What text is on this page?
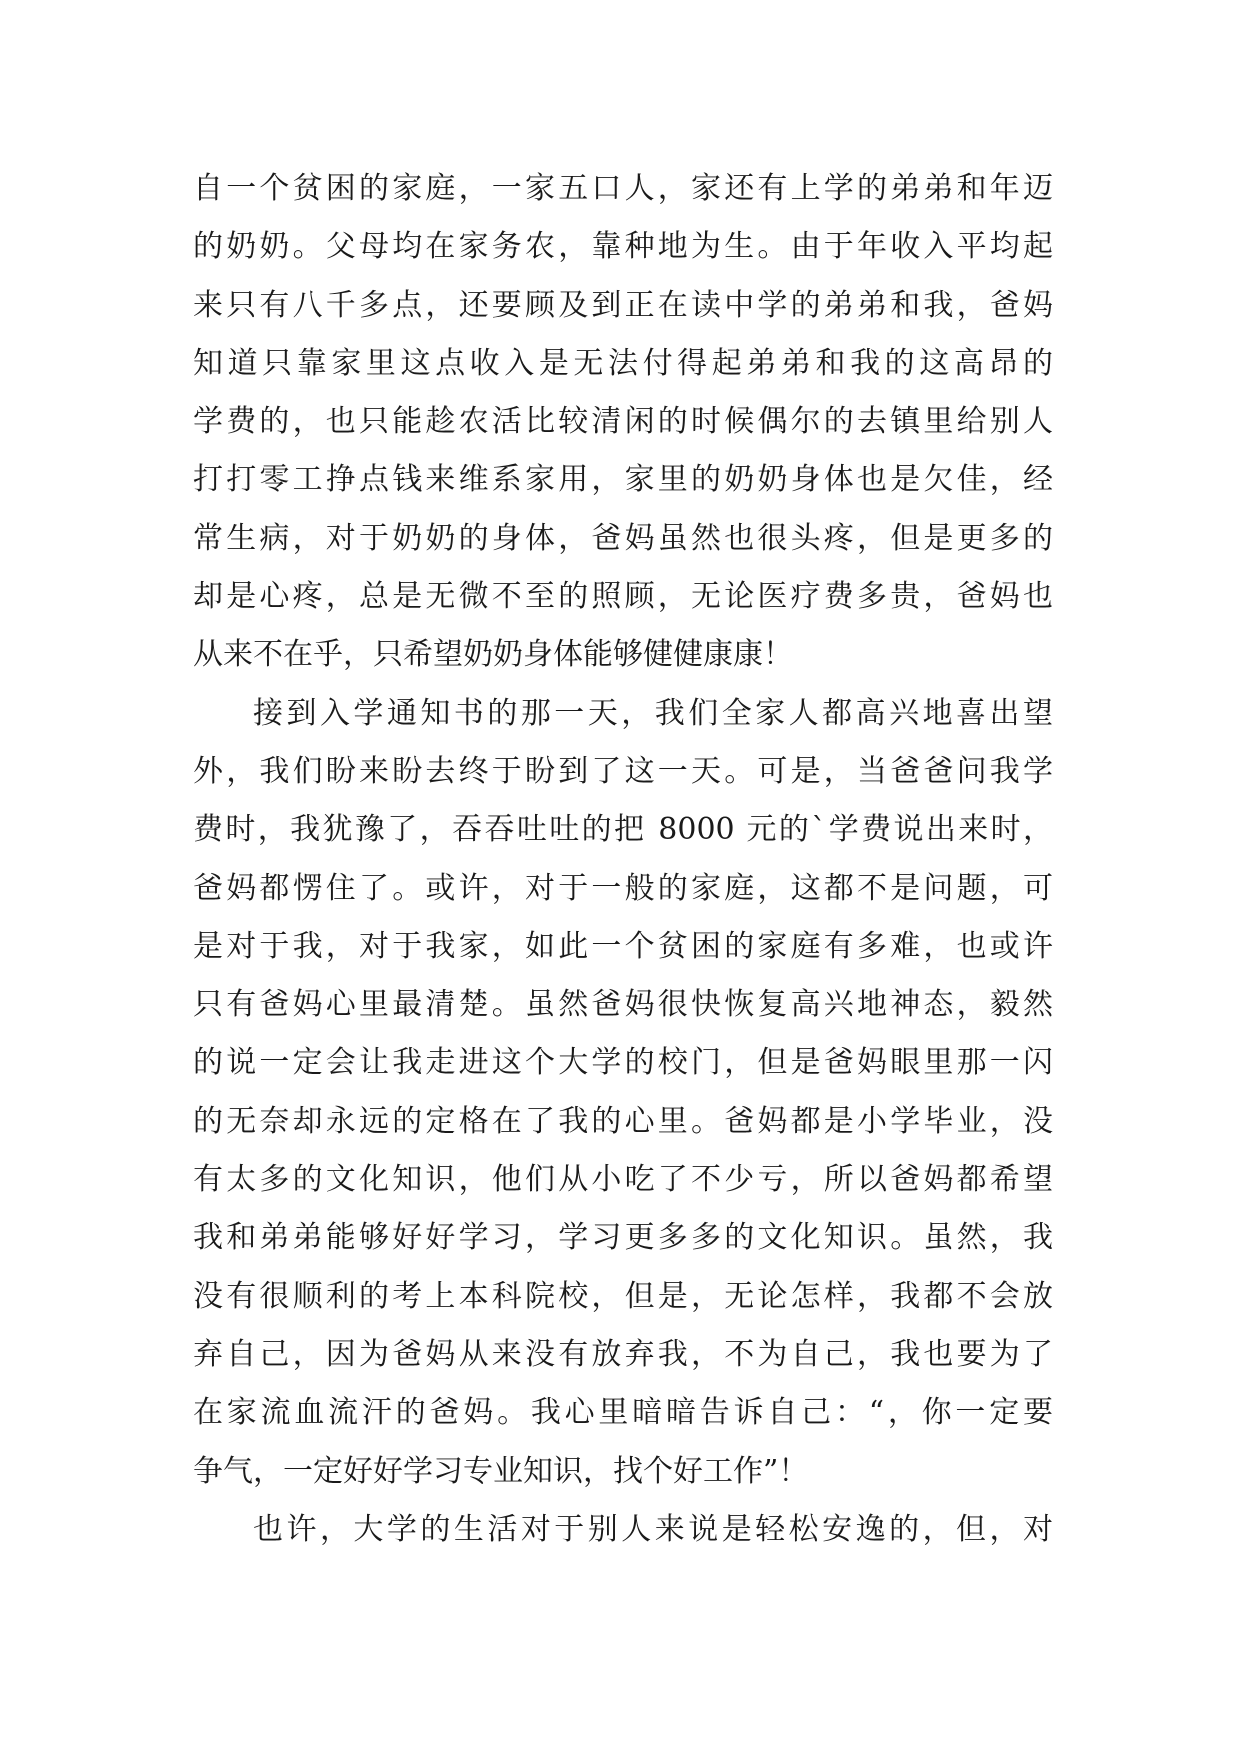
自一个贫困的家庭，一家五口人，家还有上学的弟弟和年迈
的奶奶。父母均在家务农，靠种地为生。由于年收入平均起
来只有八千多点，还要顾及到正在读中学的弟弟和我，爸妈
知道只靠家里这点收入是无法付得起弟弟和我的这高昂的
学费的，也只能趁农活比较清闲的时候偶尔的去镇里给别人
打打零工挣点钱来维系家用，家里的奶奶身体也是欠佳，经
常生病，对于奶奶的身体，爸妈虽然也很头疼，但是更多的
却是心疼，总是无微不至的照顾，无论医疗费多贵，爸妈也
从来不在乎，只希望奶奶身体能够健健康康！
接到入学通知书的那一天，我们全家人都高兴地喜出望
外，我们盼来盼去终于盼到了这一天。可是，当爸爸问我学
费时，我犹豫了，吞吞吐吐的把 8000 元的`学费说出来时，
爸妈都愣住了。或许，对于一般的家庭，这都不是问题，可
是对于我，对于我家，如此一个贫困的家庭有多难，也或许
只有爸妈心里最清楚。虽然爸妈很快恢复高兴地神态，毅然
的说一定会让我走进这个大学的校门，但是爸妈眼里那一闪
的无奈却永远的定格在了我的心里。爸妈都是小学毕业，没
有太多的文化知识，他们从小吃了不少亏，所以爸妈都希望
我和弟弟能够好好学习，学习更多多的文化知识。虽然，我
没有很顺利的考上本科院校，但是，无论怎样，我都不会放
弃自己，因为爸妈从来没有放弃我，不为自己，我也要为了
在家流血流汗的爸妈。我心里暗暗告诉自己：“，你一定要
争气，一定好好学习专业知识，找个好工作”！
也许，大学的生活对于别人来说是轻松安逸的，但，对
